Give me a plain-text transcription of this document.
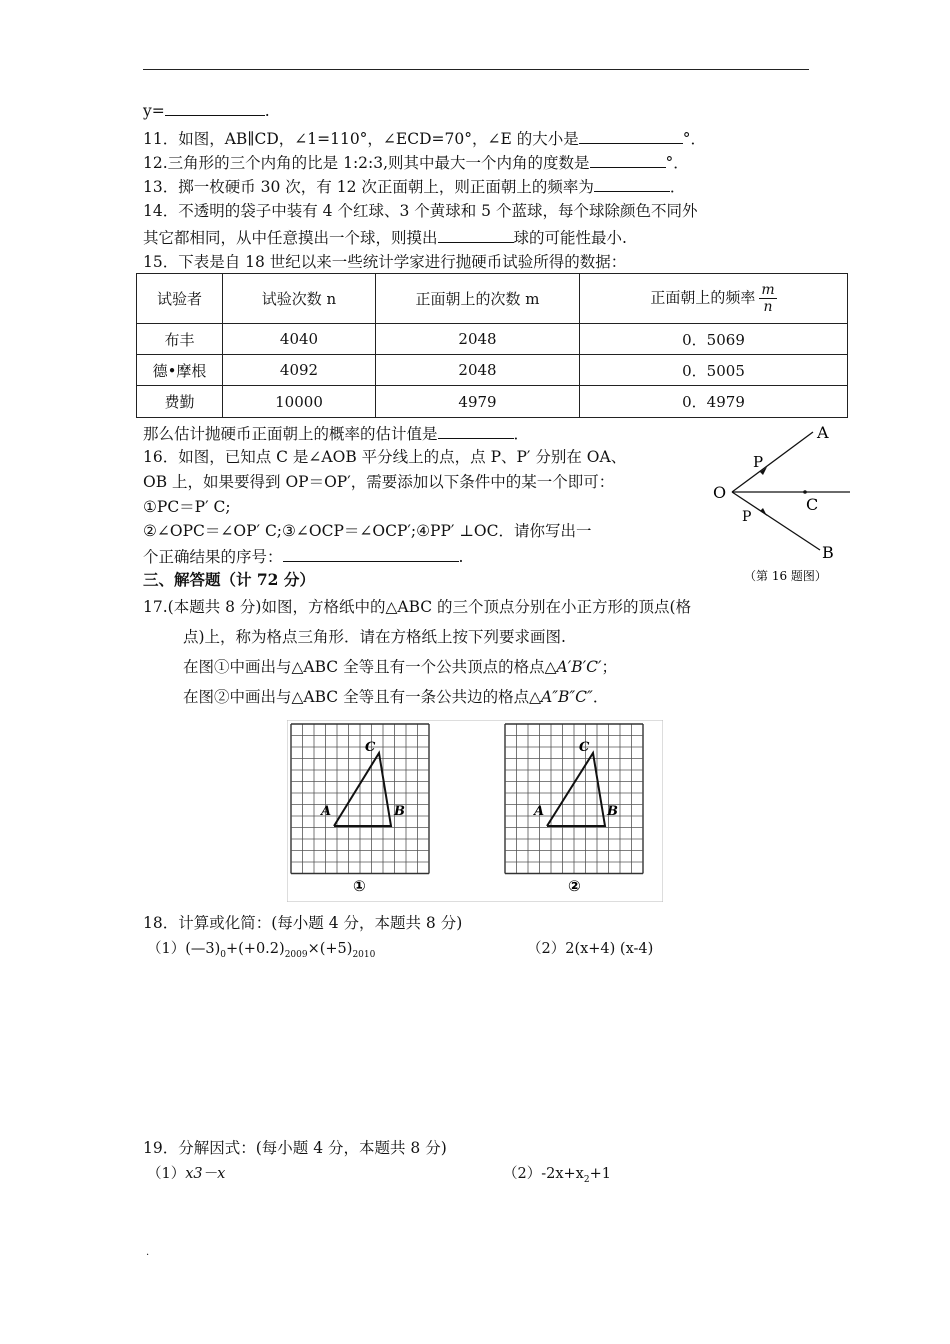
y=	.
11．如图，AB∥CD，∠1=110°，∠ECD=70°，∠E 的大小是	°．
12.三角形的三个内角的比是 1:2:3,则其中最大一个内角的度数是	°．
13．掷一枚硬币 30 次，有 12 次正面朝上，则正面朝上的频率为	．
14．不透明的袋子中装有 4 个红球、3 个黄球和 5 个蓝球，每个球除颜色不同外
其它都相同，从中任意摸出一个球，则摸出	球的可能性最小.
15．下表是自 18 世纪以来一些统计学家进行抛硬币试验所得的数据：
试验者	试验次数 n	正面朝上的次数 m	正面朝上的频率 $\frac{m}{n}$

布丰	4040	2048	0．5069
德•摩根	4092	2048	0．5005
费勤	10000	4979	0．4979
那么估计抛硬币正面朝上的概率的估计值是	．
16．如图，已知点 C 是∠AOB 平分线上的点，点 P、P′ 分别在 OA、
OB 上，如果要得到 OP＝OP′，需要添加以下条件中的某一个即可：
①PC＝P′ C;
②∠OPC＝∠OP′ C;③∠OCP＝∠OCP′;④PP′ ⊥OC．请你写出一
个正确结果的序号：	.
A
B
O
C
P
P
（第 16 题图）
三、解答题（计 72 分）
17.(本题共 8 分)如图，方格纸中的△ABC 的三个顶点分别在小正方形的顶点(格
点)上，称为格点三角形．请在方格纸上按下列要求画图.
在图①中画出与△ABC 全等且有一个公共顶点的格点△A′B′C′；
在图②中画出与△ABC 全等且有一条公共边的格点△A″B″C″．
A	B
C
A	B
C
①	②
18．计算或化简：(每小题 4 分，本题共 8 分)
$(1)(—3)_0+(+0.2)_{2009}\times(+5)_{2010}$	（2）2(x+4) (x-4)
19．分解因式：(每小题 4 分，本题共 8 分)
（1）x3－x	$(2)-2x+x_2+1$
.
